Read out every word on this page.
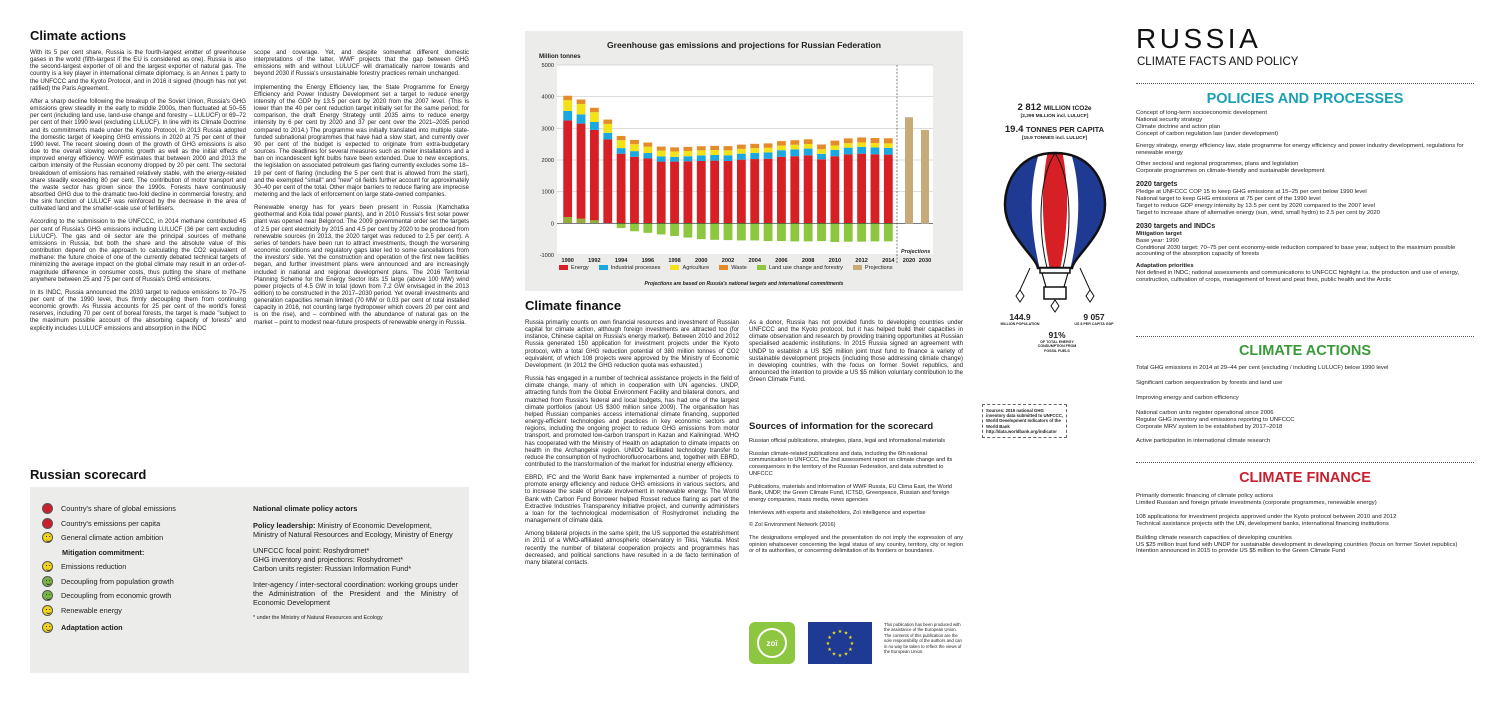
Climate actions

With its 5 per cent share, Russia is the fourth-largest emitter of greenhouse gases in the world (fifth-largest if the EU is considered as one). Russia is also the second-largest exporter of oil and the largest exporter of natural gas. The country is a key player in international climate diplomacy, is an Annex 1 party to the UNFCCC and the Kyoto Protocol, and in 2016 it signed (though has not yet ratified) the Paris Agreement.

After a sharp decline following the breakup of the Soviet Union, Russia's GHG emissions grew steadily in the early to middle 2000s, then fluctuated at 50–55 per cent (including land use, land-use change and forestry – LULUCF) or 69–72 per cent of their 1990 level (excluding LULUCF). In line with its Climate Doctrine and its commitments made under the Kyoto Protocol, in 2013 Russia adopted the domestic target of keeping GHG emissions in 2020 at 75 per cent of their 1990 level. The recent slowing down of the growth of GHG emissions is also due to the overall slowing economic growth as well as the initial effects of improved energy efficiency. WWF estimates that between 2000 and 2013 the carbon intensity of the Russian economy dropped by 20 per cent. The sectoral breakdown of emissions has remained relatively stable, with the energy-related share steadily exceeding 80 per cent. The contribution of motor transport and the waste sector has grown since the 1990s. Forests have continuously absorbed GHG due to the dramatic two-fold decline in commercial forestry, and the sink function of LULUCF was reinforced by the decrease in the area of cultivated land and the smaller-scale use of fertilisers.

According to the submission to the UNFCCC, in 2014 methane contributed 45 per cent of Russia's GHG emissions including LULUCF (36 per cent excluding LULUCF). The gas and oil sector are the principal sources of methane emissions in Russia, but both the share and the absolute value of this contribution depend on the approach to calculating the CO2 equivalent of methane: the future choice of one of the currently debated technical targets of minimizing the average impact on the global climate may result in an order-of-magnitude difference in consumer costs, thus putting the share of methane anywhere between 25 and 75 per cent of Russia's GHG emissions.

In its INDC, Russia announced the 2030 target to reduce emissions to 70–75 per cent of the 1990 level, thus firmly decoupling them from continuing economic growth. As Russia accounts for 25 per cent of the world's forest reserves, including 70 per cent of boreal forests, the target is made "subject to the maximum possible account of the absorbing capacity of forests" and explicitly includes LULUCF emissions and absorption in the INDC

scope and coverage. Yet, and despite somewhat different domestic interpretations of the latter, WWF projects that the gap between GHG emissions with and without LULUCF will dramatically narrow towards and beyond 2030 if Russia's unsustainable forestry practices remain unchanged.

Implementing the Energy Efficiency law, the State Programme for Energy Efficiency and Power Industry Development set a target to reduce energy intensity of the GDP by 13.5 per cent by 2020 from the 2007 level. (This is lower than the 40 per cent reduction target initially set for the same period; for comparison, the draft Energy Strategy until 2035 aims to reduce energy intensity by 6 per cent by 2020 and 37 per cent over the 2021–2035 period compared to 2014.) The programme was initially translated into multiple state-funded subnational programmes that have had a slow start, and currently over 90 per cent of the budget is expected to originate from extra-budgetary sources. The deadlines for several measures such as meter installations and a ban on incandescent light bulbs have been extended. Due to new exceptions, the legislation on associated petroleum gas flaring currently excludes some 18–19 per cent of flaring (including the 5 per cent that is allowed from the start), and the exempted "small" and "new" oil fields further account for approximately 30–40 per cent of the total. Other major barriers to reduce flaring are imprecise metering and the lack of enforcement on large state-owned companies.

Renewable energy has for years been present in Russia (Kamchatka geothermal and Kola tidal power plants), and in 2010 Russia's first solar power plant was opened near Belgorod. The 2009 governmental order set the targets of 2.5 per cent electricity by 2015 and 4.5 per cent by 2020 to be produced from renewable sources (in 2013, the 2020 target was reduced to 2.5 per cent). A series of tenders have been run to attract investments, though the worsening economic conditions and regulatory gaps later led to some cancellations from the investors' side. Yet the construction and operation of the first new facilities began, and further investment plans were announced and are increasingly included in national and regional development plans. The 2016 Territorial Planning Scheme for the Energy Sector lists 15 large (above 100 MW) wind power projects of 4.5 GW in total (down from 7.2 GW envisaged in the 2013 edition) to be constructed in the 2017–2030 period. Yet overall investments and generation capacities remain limited (70 MW or 0.03 per cent of total installed capacity in 2016, not counting large hydropower which covers 20 per cent and is on the rise), and – combined with the abundance of natural gas on the market – point to modest near-future prospects of renewable energy in Russia.

Russian scorecard
Country's share of global emissions
Country's emissions per capita
General climate action ambition
Mitigation commitment:
Emissions reduction
Decoupling from population growth
Decoupling from economic growth
Renewable energy
Adaptation action
National climate policy actors
Policy leadership: Ministry of Economic Development, Ministry of Natural Resources and Ecology, Ministry of Energy
UNFCCC focal point: Roshydromet*
GHG inventory and projections: Roshydromet*
Carbon units register: Russian Information Fund*
Inter-agency / inter-sectoral coordination: working groups under the Administration of the President and the Ministry of Economic Development
* under the Ministry of Natural Resources and Ecology
Greenhouse gas emissions and projections for Russian Federation
Million tonnes
5000
4000
3000
2000
1000
0
-1000
1990	1992	1994	1996	1998	2000	2002	2004	2006	2008	2010	2012	2014 2020 2030
Projections
Energy	Industrial processes	Agriculture	Waste	Land use change and forestry	Projections
Projections are based on Russia's national targets and international commitments
Climate finance

Russia primarily counts on own financial resources and investment of Russian capital for climate action, although foreign investments are attracted too (for instance, Chinese capital on Russia's energy market). Between 2010 and 2012 Russia generated 150 application for investment projects under the Kyoto protocol, with a total GHG reduction potential of 380 million tonnes of CO2 equivalent, of which 108 projects were approved by the Ministry of Economic Development. (In 2012 the GHG reduction quota was exhausted.)

Russia has engaged in a number of technical assistance projects in the field of climate change, many of which in cooperation with UN agencies. UNDP, attracting funds from the Global Environment Facility and bilateral donors, and matched from Russia's federal and local budgets, has had one of the largest climate portfolios (about US $300 million since 2009). The organisation has helped Russian companies access international climate financing, supported energy-efficient technologies and practices in key economic sectors and regions, including the ongoing project to reduce GHG emissions from motor transport, and promoted low-carbon transport in Kazan and Kaliningrad. WHO has cooperated with the Ministry of Health on adaptation to climate impacts on health in the Archangelsk region. UNIDO facilitated technology transfer to reduce the consumption of hydrochlorofluorocarbons and, together with EBRD, contributed to the transformation of the market for industrial energy efficiency.

EBRD, IFC and the World Bank have implemented a number of projects to promote energy efficiency and reduce GHG emissions in various sectors, and to increase the scale of private involvement in renewable energy. The World Bank with Carbon Fund Borrower helped Rosset reduce flaring as part of the Extractive Industries Transparency Initiative project, and currently administers a loan for the technological modernisation of Roshydromet including the management of climate data.

Among bilateral projects in the same spirit, the US supported the establishment in 2011 of a WMO-affiliated atmospheric observatory in Tiksi, Yakutia. Most recently the number of bilateral cooperation projects and programmes has decreased, and political sanctions have resulted in a de facto termination of many bilateral contacts.

As a donor, Russia has not provided funds to developing countries under UNFCCC and the Kyoto protocol, but it has helped build their capacities in climate observation and research by providing training opportunities at Russian specialised academic institutions. In 2015 Russia signed an agreement with UNDP to establish a US $25 million joint trust fund to finance a variety of sustainable development projects (including those addressing climate change) in developing countries, with the focus on former Soviet republics, and announced the intention to provide a US $5 million voluntary contribution to the Green Climate Fund.

Sources of information for the scorecard

Russian official publications, strategies, plans, legal and informational materials

Russian climate-related publications and data, including the 6th national communication to UNFCCC, the 2nd assessment report on climate change and its consequences in the territory of the Russian Federation, and data submitted to UNFCCC

Publications, materials and information of WWF Russia, EU Clima East, the World Bank, UNDP, the Green Climate Fund, ICTSD, Greenpeace, Russian and foreign energy companies, mass media, news agencies

Interviews with experts and stakeholders, Zoï intelligence and expertise

© Zoï Environment Network (2016)

The designations employed and the presentation do not imply the expression of any opinion whatsoever concerning the legal status of any country, territory, city or region or of its authorities, or concerning delimitation of its frontiers or boundaries.

zoï
★ ★
★
★
★
★
★
★
★
★
★
★
This publication has been produced with the assistance of the European Union. The contents of this publication are the sole responsibility of the authors and can in no way be taken to reflect the views of the European Union.
2 812 MILLION tCO2e
[2,299 MILLION incl. LULUCF]
19.4 TONNES PER CAPITA
[15.9 TONNES incl. LULUCF]
144.9
MILLION POPULATION
91%
OF TOTAL ENERGY CONSUMPTION FROM FOSSIL FUELS
9 057
US $ PER CAPITA GDP
Sources: 2015 national GHG inventory data submitted to UNFCCC, World Development Indicators of the World Bank http://data.worldbank.org/indicator
RUSSIA
CLIMATE FACTS AND POLICY
POLICIES AND PROCESSES
Concept of long-term socioeconomic development
National security strategy
Climate doctrine and action plan
Concept of carbon regulation law (under development)
Energy strategy, energy efficiency law, state programme for energy efficiency and power industry development, regulations for renewable energy
Other sectoral and regional programmes, plans and legislation
Corporate programmes on climate-friendly and sustainable development
2020 targets
Pledge at UNFCCC COP 15 to keep GHG emissions at 15–25 per cent below 1990 level
National target to keep GHG emissions at 75 per cent of the 1990 level
Target to reduce GDP energy intensity by 13.5 per cent by 2020 compared to the 2007 level
Target to increase share of alternative energy (sun, wind, small hydro) to 2.5 per cent by 2020
2030 targets and INDCs
Mitigation target
Base year: 1990
Conditional 2030 target: 70–75 per cent economy-wide reduction compared to base year, subject to the maximum possible accounting of the absorption capacity of forests
Adaptation priorities
Not defined in INDC; national assessments and communications to UNFCCC highlight i.a. the production and use of energy, construction, cultivation of crops, management of forest and peat fires, public health and the Arctic
CLIMATE ACTIONS
Total GHG emissions in 2014 at 29–44 per cent (excluding / including LULUCF) below 1990 level
Significant carbon sequestration by forests and land use
Improving energy and carbon efficiency
National carbon units register operational since 2006
Regular GHG inventory and emissions reporting to UNFCCC
Corporate MRV system to be established by 2017–2018
Active participation in international climate research
CLIMATE FINANCE
Primarily domestic financing of climate policy actions
Limited Russian and foreign private investments (corporate programmes, renewable energy)
108 applications for investment projects approved under the Kyoto protocol between 2010 and 2012
Technical assistance projects with the UN, development banks, international financing institutions
Building climate research capacities of developing countries
US $25 million trust fund with UNDP for sustainable development in developing countries (focus on former Soviet republics)
Intention announced in 2015 to provide US $5 million to the Green Climate Fund
